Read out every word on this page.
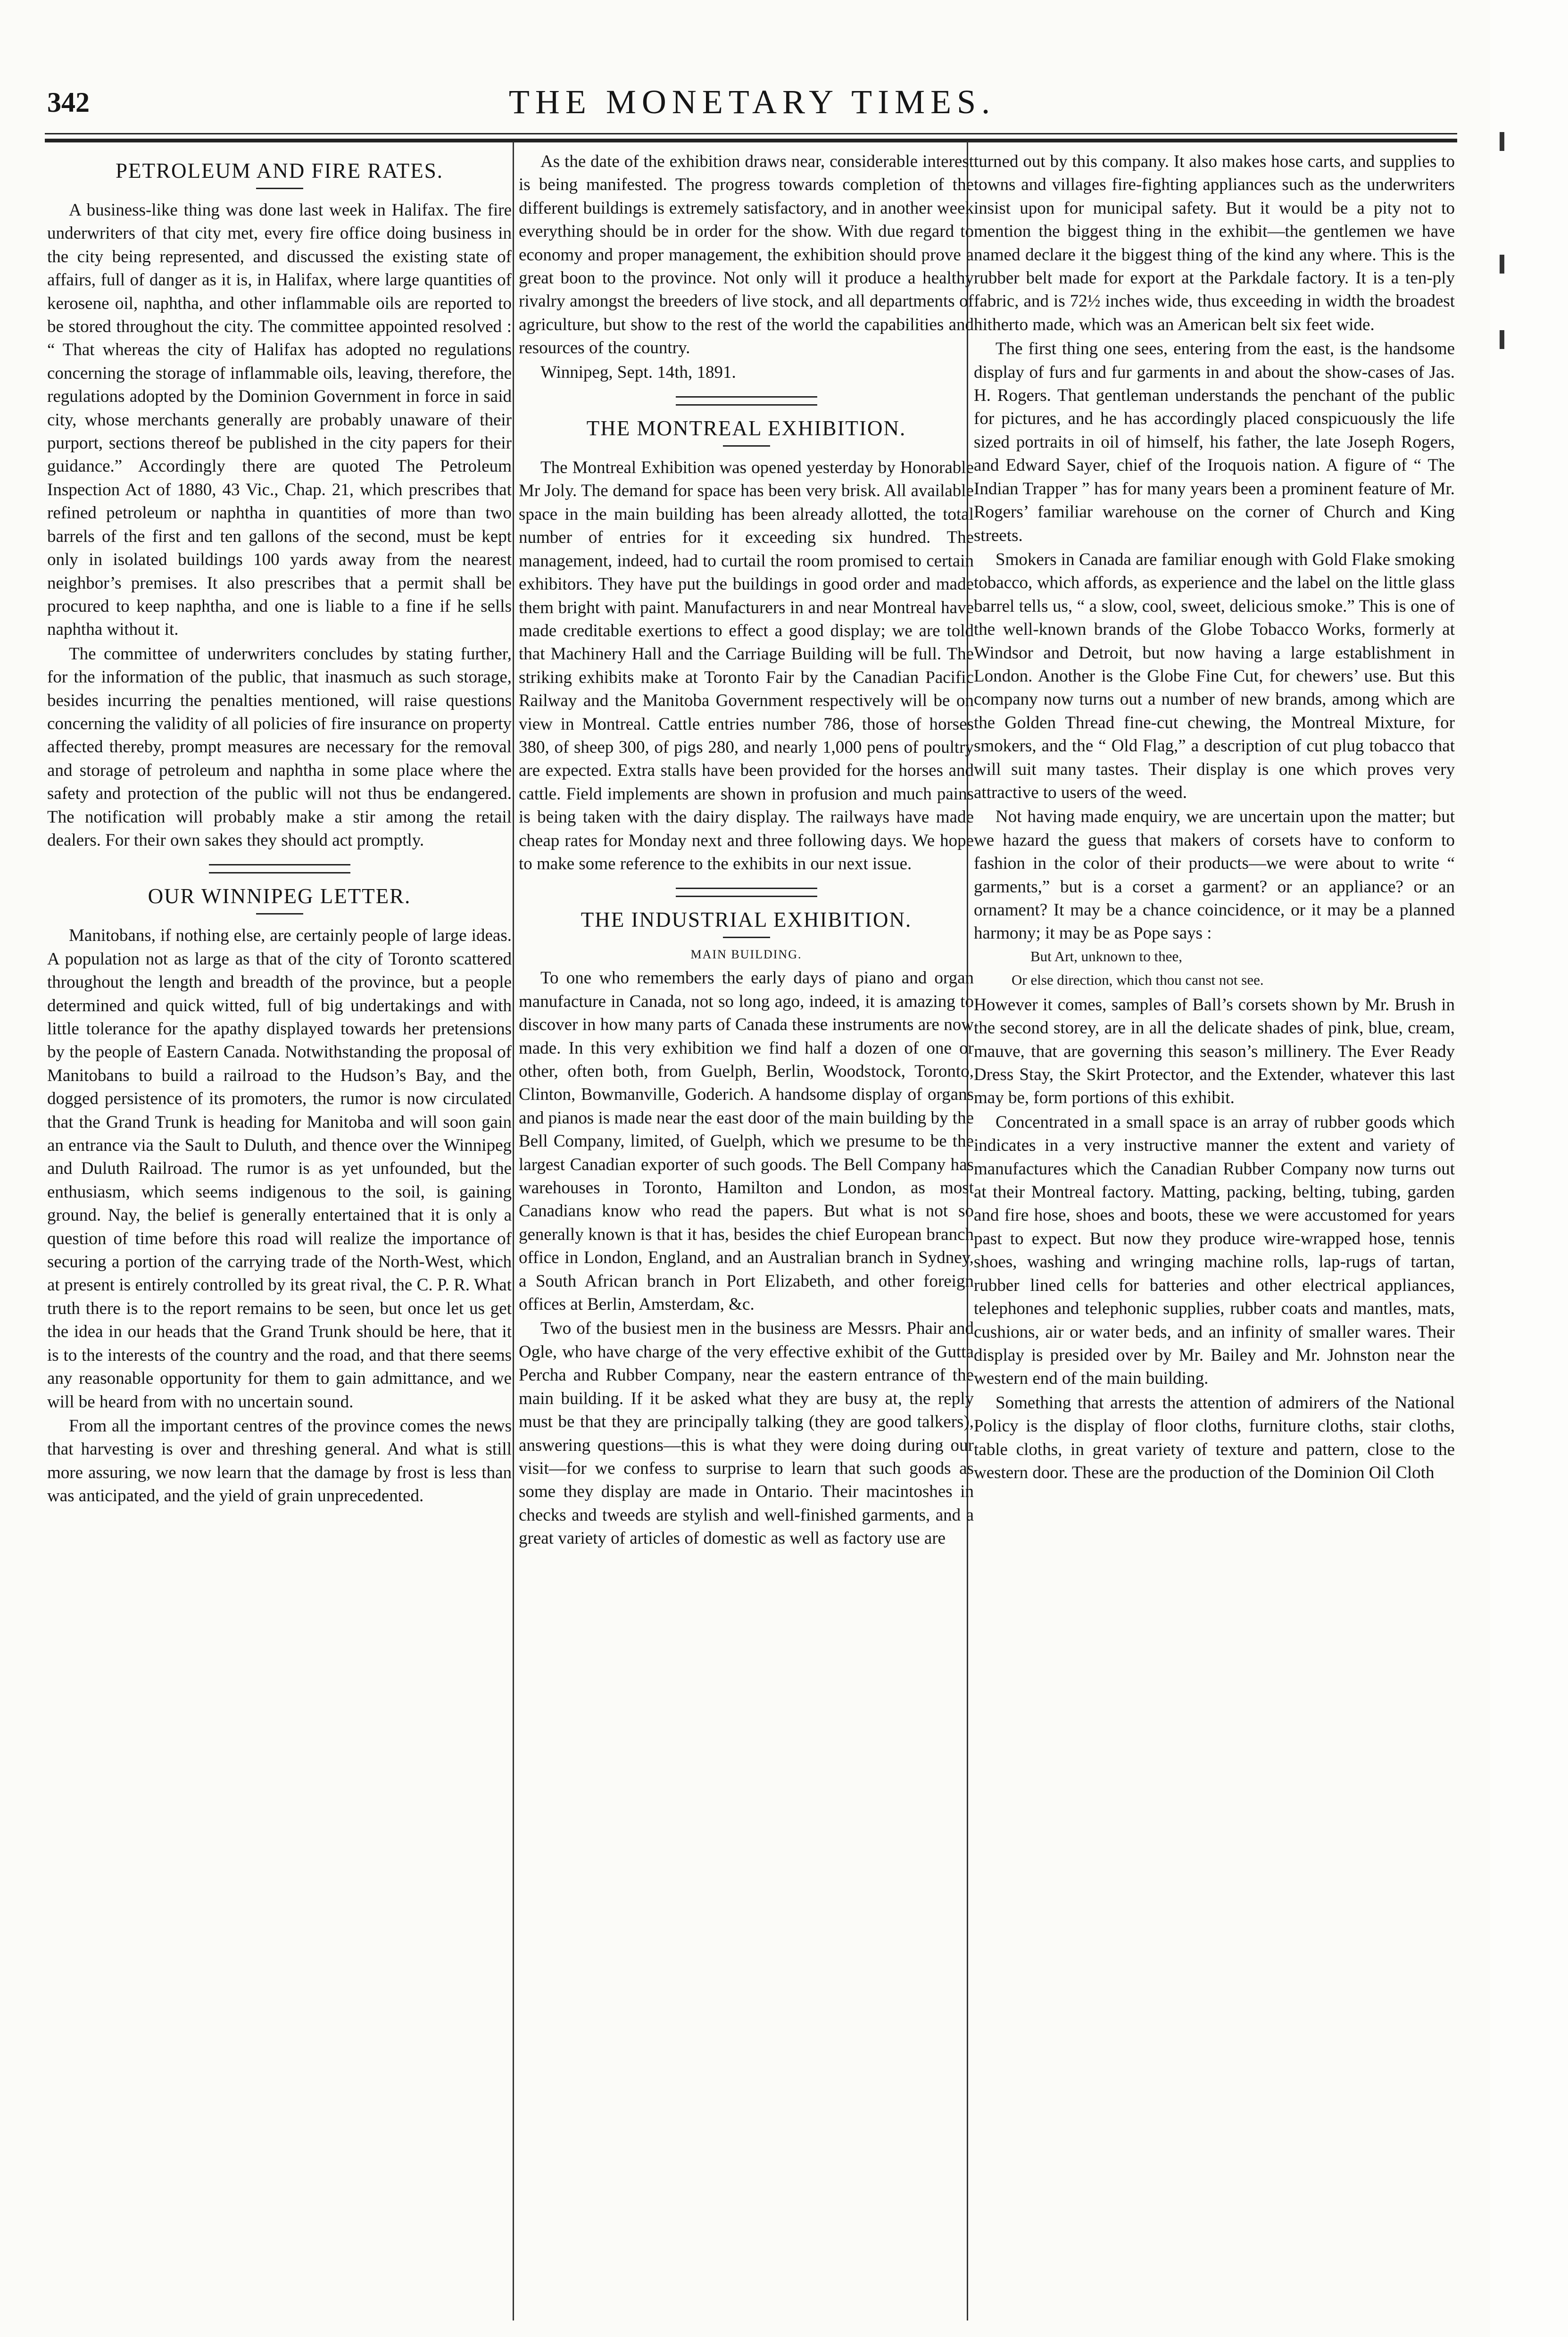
342	THE MONETARY TIMES.
PETROLEUM AND FIRE RATES.

A business-like thing was done last week in Halifax. The fire underwriters of that city met, every fire office doing business in the city being represented, and discussed the existing state of affairs, full of danger as it is, in Halifax, where large quantities of kerosene oil, naphtha, and other inflammable oils are reported to be stored throughout the city. The committee appointed resolved : “ That whereas the city of Halifax has adopted no regulations concerning the storage of inflammable oils, leaving, therefore, the regulations adopted by the Dominion Government in force in said city, whose merchants generally are probably unaware of their purport, sections thereof be published in the city papers for their guidance.” Accordingly there are quoted The Petroleum Inspection Act of 1880, 43 Vic., Chap. 21, which prescribes that refined petroleum or naphtha in quantities of more than two barrels of the first and ten gallons of the second, must be kept only in isolated buildings 100 yards away from the nearest neighbor’s premises. It also prescribes that a permit shall be procured to keep naphtha, and one is liable to a fine if he sells naphtha without it.

The committee of underwriters concludes by stating further, for the information of the public, that inasmuch as such storage, besides incurring the penalties mentioned, will raise questions concerning the validity of all policies of fire insurance on property affected thereby, prompt measures are necessary for the removal and storage of petroleum and naphtha in some place where the safety and protection of the public will not thus be endangered. The notification will probably make a stir among the retail dealers. For their own sakes they should act promptly.

OUR WINNIPEG LETTER.

Manitobans, if nothing else, are certainly people of large ideas. A population not as large as that of the city of Toronto scattered throughout the length and breadth of the province, but a people determined and quick witted, full of big undertakings and with little tolerance for the apathy displayed towards her pretensions by the people of Eastern Canada. Notwithstanding the proposal of Manitobans to build a railroad to the Hudson’s Bay, and the dogged persistence of its promoters, the rumor is now circulated that the Grand Trunk is heading for Manitoba and will soon gain an entrance via the Sault to Duluth, and thence over the Winnipeg and Duluth Railroad. The rumor is as yet unfounded, but the enthusiasm, which seems indigenous to the soil, is gaining ground. Nay, the belief is generally entertained that it is only a question of time before this road will realize the importance of securing a portion of the carrying trade of the North-West, which at present is entirely controlled by its great rival, the C. P. R. What truth there is to the report remains to be seen, but once let us get the idea in our heads that the Grand Trunk should be here, that it is to the interests of the country and the road, and that there seems any reasonable opportunity for them to gain admittance, and we will be heard from with no uncertain sound.

From all the important centres of the province comes the news that harvesting is over and threshing general. And what is still more assuring, we now learn that the damage by frost is less than was anticipated, and the yield of grain unprecedented.

As the date of the exhibition draws near, considerable interest is being manifested. The progress towards completion of the different buildings is extremely satisfactory, and in another week everything should be in order for the show. With due regard to economy and proper management, the exhibition should prove a great boon to the province. Not only will it produce a healthy rivalry amongst the breeders of live stock, and all departments of agriculture, but show to the rest of the world the capabilities and resources of the country.

Winnipeg, Sept. 14th, 1891.

THE MONTREAL EXHIBITION.

The Montreal Exhibition was opened yesterday by Honorable Mr Joly. The demand for space has been very brisk. All available space in the main building has been already allotted, the total number of entries for it exceeding six hundred. The management, indeed, had to curtail the room promised to certain exhibitors. They have put the buildings in good order and made them bright with paint. Manufacturers in and near Montreal have made creditable exertions to effect a good display; we are told that Machinery Hall and the Carriage Building will be full. The striking exhibits make at Toronto Fair by the Canadian Pacific Railway and the Manitoba Government respectively will be on view in Montreal. Cattle entries number 786, those of horses 380, of sheep 300, of pigs 280, and nearly 1,000 pens of poultry are expected. Extra stalls have been provided for the horses and cattle. Field implements are shown in profusion and much pains is being taken with the dairy display. The railways have made cheap rates for Monday next and three following days. We hope to make some reference to the exhibits in our next issue.

THE INDUSTRIAL EXHIBITION.
MAIN BUILDING.

To one who remembers the early days of piano and organ manufacture in Canada, not so long ago, indeed, it is amazing to discover in how many parts of Canada these instruments are now made. In this very exhibition we find half a dozen of one or other, often both, from Guelph, Berlin, Woodstock, Toronto, Clinton, Bowmanville, Goderich. A handsome display of organs and pianos is made near the east door of the main building by the Bell Company, limited, of Guelph, which we presume to be the largest Canadian exporter of such goods. The Bell Company has warehouses in Toronto, Hamilton and London, as most Canadians know who read the papers. But what is not so generally known is that it has, besides the chief European branch office in London, England, and an Australian branch in Sydney, a South African branch in Port Elizabeth, and other foreign offices at Berlin, Amsterdam, &c.

Two of the busiest men in the business are Messrs. Phair and Ogle, who have charge of the very effective exhibit of the Gutta Percha and Rubber Company, near the eastern entrance of the main building. If it be asked what they are busy at, the reply must be that they are principally talking (they are good talkers), answering questions—this is what they were doing during our visit—for we confess to surprise to learn that such goods as some they display are made in Ontario. Their macintoshes in checks and tweeds are stylish and well-finished garments, and a great variety of articles of domestic as well as factory use are

turned out by this company. It also makes hose carts, and supplies to towns and villages fire-fighting appliances such as the underwriters insist upon for municipal safety. But it would be a pity not to mention the biggest thing in the exhibit—the gentlemen we have named declare it the biggest thing of the kind any where. This is the rubber belt made for export at the Parkdale factory. It is a ten-ply fabric, and is 72½ inches wide, thus exceeding in width the broadest hitherto made, which was an American belt six feet wide.

The first thing one sees, entering from the east, is the handsome display of furs and fur garments in and about the show-cases of Jas. H. Rogers. That gentleman understands the penchant of the public for pictures, and he has accordingly placed conspicuously the life sized portraits in oil of himself, his father, the late Joseph Rogers, and Edward Sayer, chief of the Iroquois nation. A figure of “ The Indian Trapper ” has for many years been a prominent feature of Mr. Rogers’ familiar warehouse on the corner of Church and King streets.

Smokers in Canada are familiar enough with Gold Flake smoking tobacco, which affords, as experience and the label on the little glass barrel tells us, “ a slow, cool, sweet, delicious smoke.” This is one of the well-known brands of the Globe Tobacco Works, formerly at Windsor and Detroit, but now having a large establishment in London. Another is the Globe Fine Cut, for chewers’ use. But this company now turns out a number of new brands, among which are the Golden Thread fine-cut chewing, the Montreal Mixture, for smokers, and the “ Old Flag,” a description of cut plug tobacco that will suit many tastes. Their display is one which proves very attractive to users of the weed.

Not having made enquiry, we are uncertain upon the matter; but we hazard the guess that makers of corsets have to conform to fashion in the color of their products—we were about to write “ garments,” but is a corset a garment? or an appliance? or an ornament? It may be a chance coincidence, or it may be a planned harmony; it may be as Pope says :

But Art, unknown to thee,
Or else direction, which thou canst not see.

However it comes, samples of Ball’s corsets shown by Mr. Brush in the second storey, are in all the delicate shades of pink, blue, cream, mauve, that are governing this season’s millinery. The Ever Ready Dress Stay, the Skirt Protector, and the Extender, whatever this last may be, form portions of this exhibit.

Concentrated in a small space is an array of rubber goods which indicates in a very instructive manner the extent and variety of manufactures which the Canadian Rubber Company now turns out at their Montreal factory. Matting, packing, belting, tubing, garden and fire hose, shoes and boots, these we were accustomed for years past to expect. But now they produce wire-wrapped hose, tennis shoes, washing and wringing machine rolls, lap-rugs of tartan, rubber lined cells for batteries and other electrical appliances, telephones and telephonic supplies, rubber coats and mantles, mats, cushions, air or water beds, and an infinity of smaller wares. Their display is presided over by Mr. Bailey and Mr. Johnston near the western end of the main building.

Something that arrests the attention of admirers of the National Policy is the display of floor cloths, furniture cloths, stair cloths, table cloths, in great variety of texture and pattern, close to the western door. These are the production of the Dominion Oil Cloth
